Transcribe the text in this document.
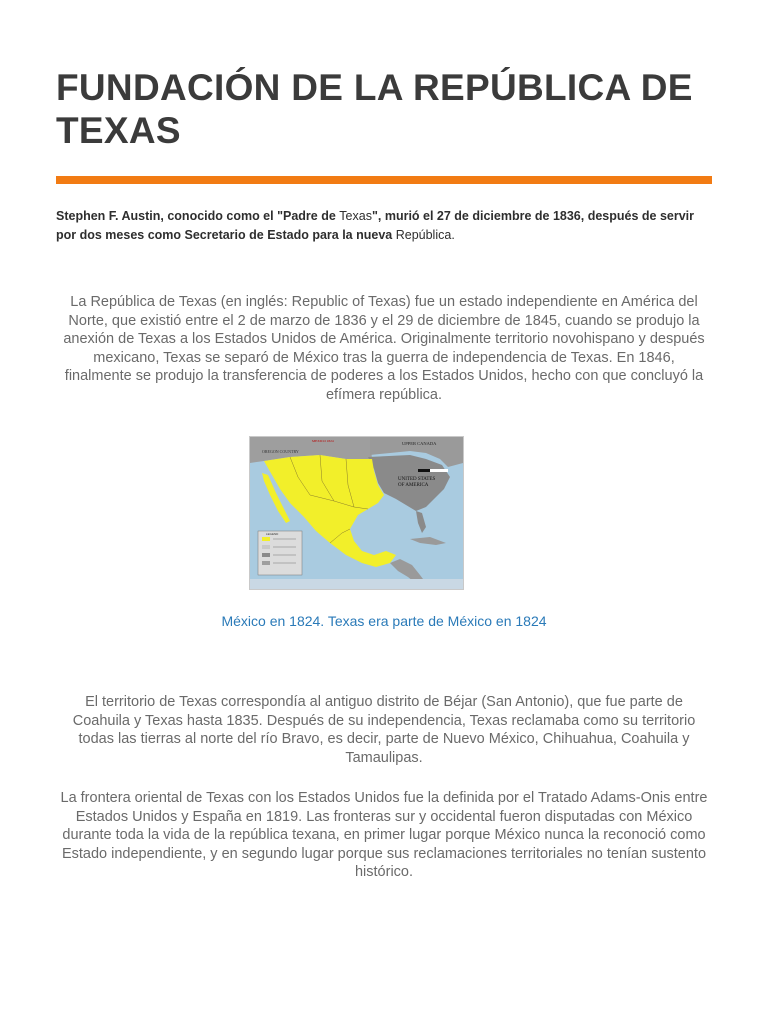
FUNDACIÓN DE LA REPÚBLICA DE TEXAS
Stephen F. Austin, conocido como el "Padre de Texas", murió el 27 de diciembre de 1836, después de servir por dos meses como Secretario de Estado para la nueva República.

La República de Texas (en inglés: Republic of Texas) fue un estado independiente en América del Norte, que existió entre el 2 de marzo de 1836 y el 29 de diciembre de 1845, cuando se produjo la anexión de Texas a los Estados Unidos de América. Originalmente territorio novohispano y después mexicano, Texas se separó de México tras la guerra de independencia de Texas. En 1846, finalmente se produjo la transferencia de poderes a los Estados Unidos, hecho con que concluyó la efímera república.

OREGON COUNTRY
UPPER CANADA
UNITED STATES OF AMERICA
MEXICO 1824
LEGEND
México en 1824. Texas era parte de México en 1824

El territorio de Texas correspondía al antiguo distrito de Béjar (San Antonio), que fue parte de Coahuila y Texas hasta 1835. Después de su independencia, Texas reclamaba como su territorio todas las tierras al norte del río Bravo, es decir, parte de Nuevo México, Chihuahua, Coahuila y Tamaulipas.

La frontera oriental de Texas con los Estados Unidos fue la definida por el Tratado Adams-Onis entre Estados Unidos y España en 1819. Las fronteras sur y occidental fueron disputadas con México durante toda la vida de la república texana, en primer lugar porque México nunca la reconoció como Estado independiente, y en segundo lugar porque sus reclamaciones territoriales no tenían sustento histórico.
